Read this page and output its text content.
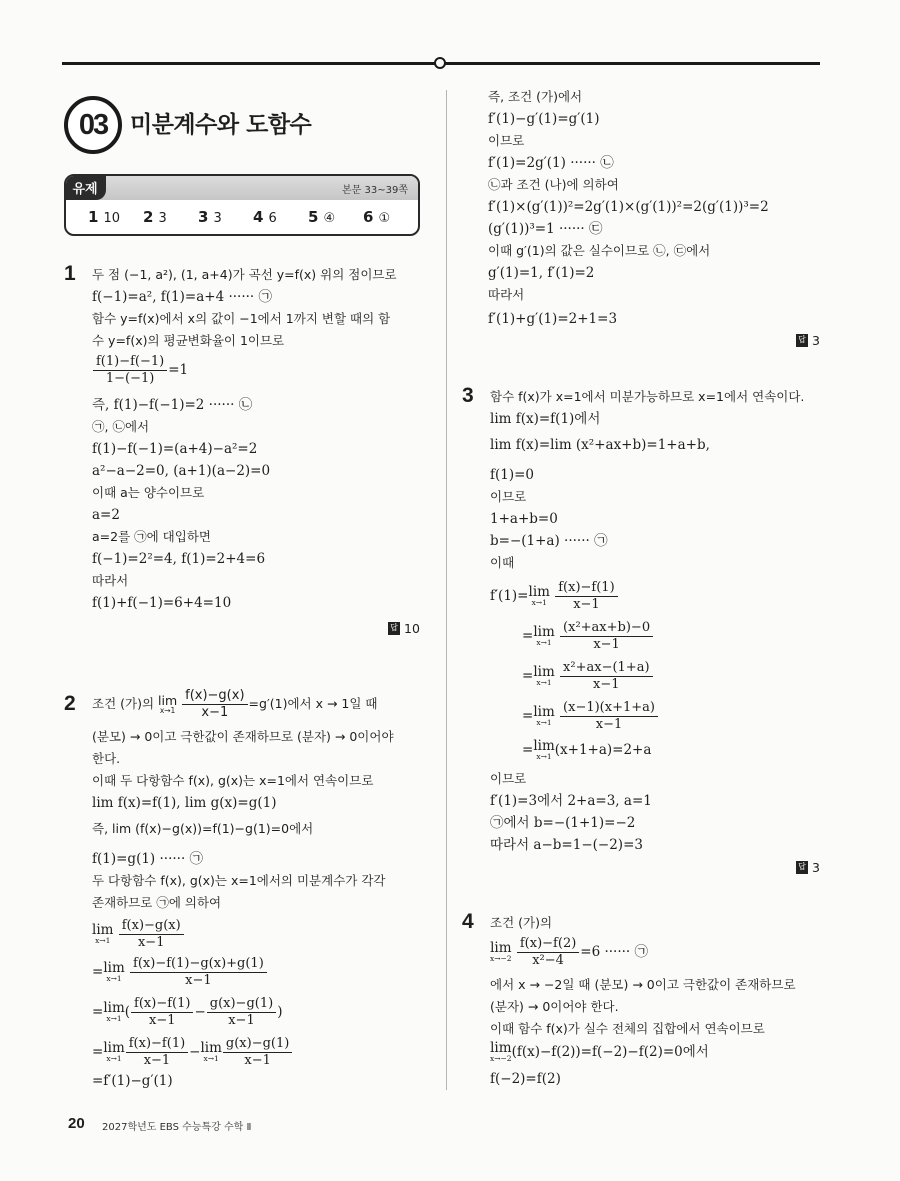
03 미분계수와 도함수
유제	본문 33~39쪽
1 10	2 3	3 3	4 6	5 ④	6 ①
1 두 점 (−1, a²), (1, a+4)가 곡선 y=f(x) 위의 점이므로
f(−1)=a², f(1)=a+4 ······ ㉠
함수 y=f(x)에서 x의 값이 −1에서 1까지 변할 때의 함
수 y=f(x)의 평균변화율이 1이므로
$\frac{f(1)-f(-1)}{1-(-1)} =1$
즉, f(1)−f(−1)=2 ······ ㉡
㉠, ㉡에서
f(1)−f(−1)=(a+4)−a²=2
a²−a−2=0, (a+1)(a−2)=0
이때 a는 양수이므로
a=2
a=2를 ㉠에 대입하면
f(−1)=2²=4, f(1)=2+4=6
따라서
f(1)+f(−1)=6+4=10
답 10
2 조건 (가)의 lim
x→1
$\frac{f(x)-g(x)}{x-1} =g'(1)$에서 x → 1일 때
(분모) → 0이고 극한값이 존재하므로 (분자) → 0이어야
한다.
이때 두 다항함수 f(x), g(x)는 x=1에서 연속이므로
lim f(x)=f(1), lim g(x)=g(1)
즉, lim (f(x)−g(x))=f(1)−g(1)=0에서
f(1)=g(1) ······ ㉠
두 다항함수 f(x), g(x)는 x=1에서의 미분계수가 각각
존재하므로 ㉠에 의하여
lim
x→1
$\frac{f(x)-g(x)}{x-1}$
= lim
x→1
$\frac{f(x)-f(1)-g(x)+g(1)}{x-1}$
= lim
x→1 ( $\frac{f(x)-f(1)}{x-1} - \frac{g(x)-g(1)}{x-1}$ )
= lim
$x\to 1 \frac{f(x)-f(1)}{x-1} - \lim$
$x\to 1 \frac{g(x)-g(1)}{x-1}$
=f′(1)−g′(1)
즉, 조건 (가)에서
f′(1)−g′(1)=g′(1)
이므로
f′(1)=2g′(1) ······ ㉡
㉡과 조건 (나)에 의하여
f′(1)×(g′(1))²=2g′(1)×(g′(1))²=2(g′(1))³=2
(g′(1))³=1 ······ ㉢
이때 g′(1)의 값은 실수이므로 ㉡, ㉢에서
g′(1)=1, f′(1)=2
따라서
f′(1)+g′(1)=2+1=3
답 3
3 함수 f(x)가 x=1에서 미분가능하므로 x=1에서 연속이다.
lim f(x)=f(1)에서
lim f(x)=lim (x²+ax+b)=1+a+b,
f(1)=0
이므로
1+a+b=0
b=−(1+a) ······ ㉠
이때
f′(1)= lim
x→1
$\frac{f(x)-f(1)}{x-1}$
= lim
x→1
$\frac{\text{(x²+ax+b)−0}}{x-1}$
= lim
x→1
$\frac{\text{x²+ax−(1+a)}}{x-1}$
= lim
x→1
$\frac{(x-1)(x+1+a)}{x-1}$
= lim
x→1 (x+1+a)=2+a
이므로
f′(1)=3에서 2+a=3, a=1
㉠에서 b=−(1+1)=−2
따라서 a−b=1−(−2)=3
답 3
4 조건 (가)의
lim
x→−2
$\frac{f(x)-f(2)}{\text{x²−4}} =6$ ······ ㉠
에서 x → −2일 때 (분모) → 0이고 극한값이 존재하므로
(분자) → 0이어야 한다.
이때 함수 f(x)가 실수 전체의 집합에서 연속이므로
lim
x→−2 (f(x)−f(2))=f(−2)−f(2)=0에서
f(−2)=f(2)
20 2027학년도 EBS 수능특강 수학 Ⅱ
